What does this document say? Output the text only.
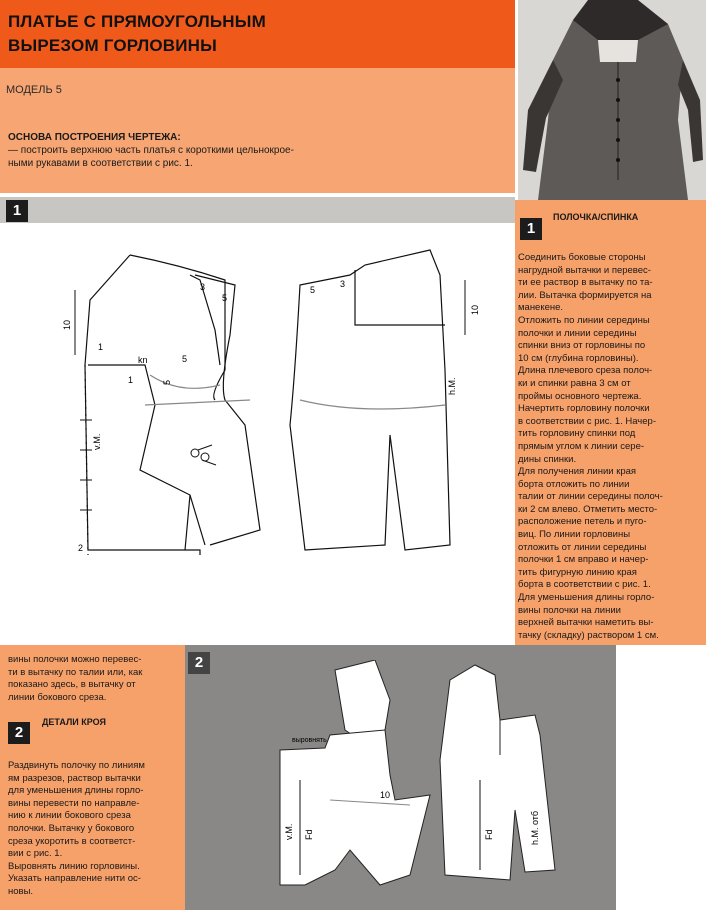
ПЛАТЬЕ С ПРЯМОУГОЛЬНЫМ
ВЫРЕЗОМ ГОРЛОВИНЫ
МОДЕЛЬ 5
ОСНОВА ПОСТРОЕНИЯ ЧЕРТЕЖА:
— построить верхнюю часть платья с короткими цельнокрое-
ными рукавами в соответствии с рис. 1.
1
10
1
kn
1
3
5
5
5
v.M.
2
5
3
10
h.M.
1
ПОЛОЧКА/СПИНКА
Соединить боковые стороны
нагрудной вытачки и перевес-
ти ее раствор в вытачку по та-
лии. Вытачка формируется на
манекене.
Отложить по линии середины
полочки и линии середины
спинки вниз от горловины по
10 см (глубина горловины).
Длина плечевого среза полоч-
ки и спинки равна 3 см от
проймы основного чертежа.
Начертить горловину полочки
в соответствии с рис. 1. Начер-
тить горловину спинки под
прямым углом к линии сере-
дины спинки.
Для получения линии края
борта отложить по линии
талии от линии середины полоч-
ки 2 см влево. Отметить место-
расположение петель и пуго-
виц. По линии горловины
отложить от линии середины
полочки 1 см вправо и начер-
тить фигурную линию края
борта в соответствии с рис. 1.
Для уменьшения длины горло-
вины полочки на линии
верхней вытачки наметить вы-
тачку (складку) раствором 1 см.
вины полочки можно перевес-
ти в вытачку по талии или, как
показано здесь, в вытачку от
линии бокового среза.
2
ДЕТАЛИ КРОЯ
Раздвинуть полочку по линиям
ям разрезов, раствор вытачки
для уменьшения длины горло-
вины перевести по направле-
нию к линии бокового среза
полочки. Вытачку у бокового
среза укоротить в соответст-
вии с рис. 1.
Выровнять линию горловины.
Указать направление нити ос-
новы.
2
выровнять
10
v.M. Fd	Fd	h.M. отб
